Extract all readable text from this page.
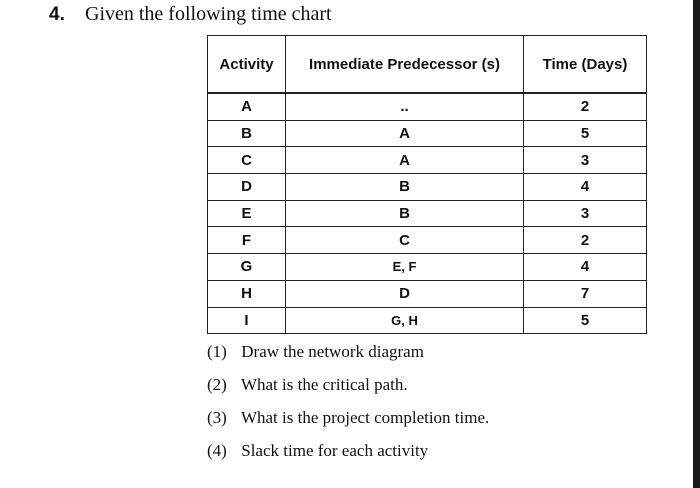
4.	Given the following time chart
Activity	Immediate Predecessor (s)	Time (Days)
A	..	2
B	A	5
C	A	3
D	B	4
E	B	3
F	C	2
G	E, F	4
H	D	7
I	G, H	5
(1) Draw the network diagram
(2) What is the critical path.
(3) What is the project completion time.
(4) Slack time for each activity
